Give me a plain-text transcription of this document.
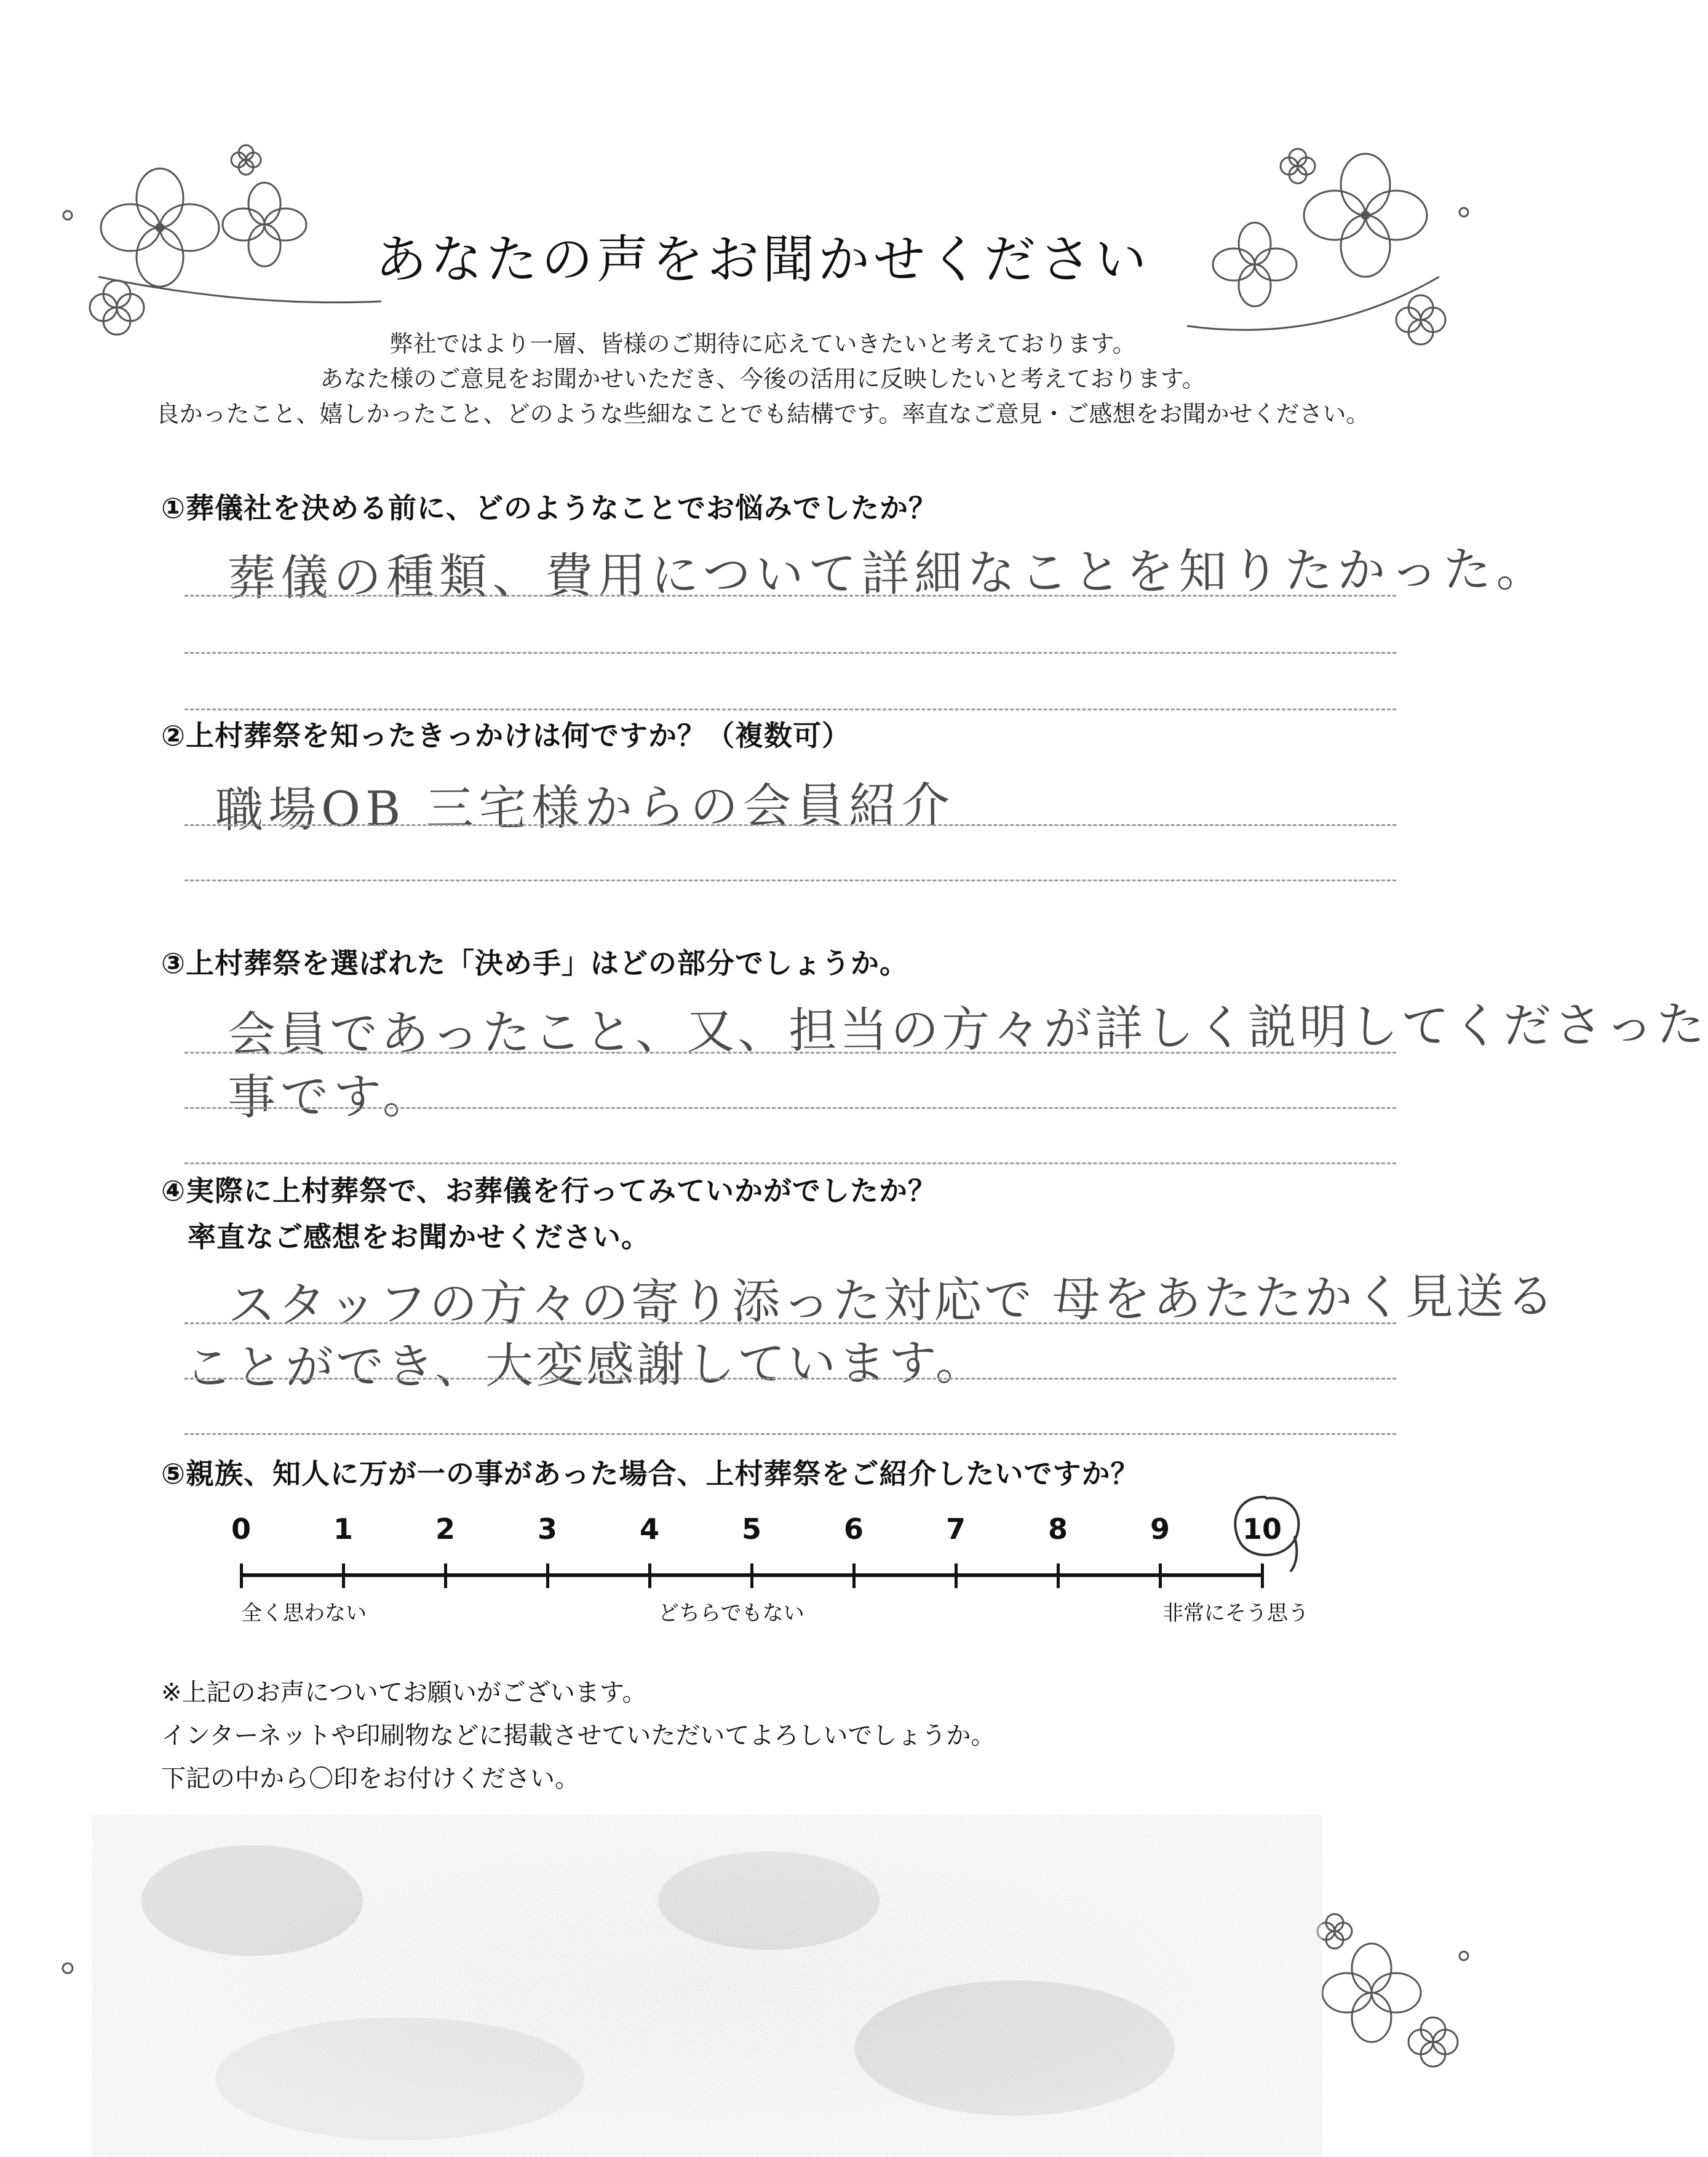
あなたの声をお聞かせください
弊社ではより一層、皆様のご期待に応えていきたいと考えております。
あなた様のご意見をお聞かせいただき、今後の活用に反映したいと考えております。
良かったこと、嬉しかったこと、どのような些細なことでも結構です。率直なご意見・ご感想をお聞かせください。
①葬儀社を決める前に、どのようなことでお悩みでしたか？
葬儀の種類、費用について詳細なことを知りたかった。
②上村葬祭を知ったきっかけは何ですか？（複数可）
職場OB 三宅様からの会員紹介
③上村葬祭を選ばれた「決め手」はどの部分でしょうか。
会員であったこと、又、担当の方々が詳しく説明してくださった
事です。
④実際に上村葬祭で、お葬儀を行ってみていかがでしたか？
率直なご感想をお聞かせください。
スタッフの方々の寄り添った対応で 母をあたたかく見送る
ことができ、大変感謝しています。
⑤親族、知人に万が一の事があった場合、上村葬祭をご紹介したいですか？
0	1	2	3	4	5	6	7	8	9	10
全く思わない	どちらでもない	非常にそう思う
※上記のお声についてお願いがございます。
インターネットや印刷物などに掲載させていただいてよろしいでしょうか。
下記の中から〇印をお付けください。
